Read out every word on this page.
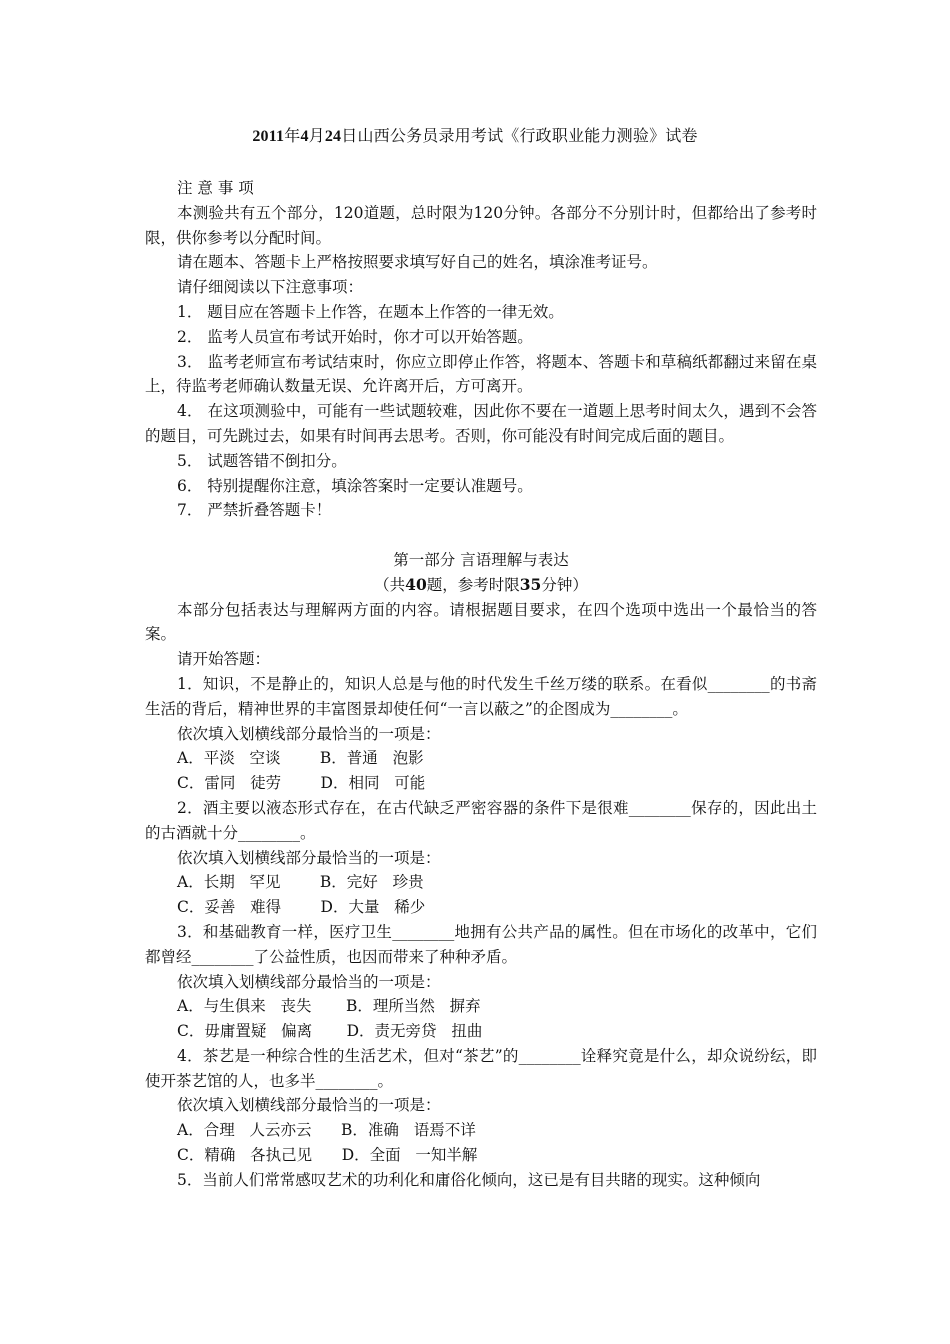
2011年4月24日山西公务员录用考试《行政职业能力测验》试卷

注 意 事 项

本测验共有五个部分，120道题，总时限为120分钟。各部分不分别计时，但都给出了参考时限，供你参考以分配时间。

请在题本、答题卡上严格按照要求填写好自己的姓名，填涂准考证号。

请仔细阅读以下注意事项：

1． 题目应在答题卡上作答，在题本上作答的一律无效。

2． 监考人员宣布考试开始时，你才可以开始答题。

3． 监考老师宣布考试结束时，你应立即停止作答，将题本、答题卡和草稿纸都翻过来留在桌上，待监考老师确认数量无误、允许离开后，方可离开。

4． 在这项测验中，可能有一些试题较难，因此你不要在一道题上思考时间太久，遇到不会答的题目，可先跳过去，如果有时间再去思考。否则，你可能没有时间完成后面的题目。

5． 试题答错不倒扣分。

6． 特别提醒你注意，填涂答案时一定要认准题号。

7． 严禁折叠答题卡！

第一部分 言语理解与表达

（共40题，参考时限35分钟）

本部分包括表达与理解两方面的内容。请根据题目要求，在四个选项中选出一个最恰当的答案。

请开始答题：

1．知识，不是静止的，知识人总是与他的时代发生千丝万缕的联系。在看似________的书斋生活的背后，精神世界的丰富图景却使任何“一言以蔽之”的企图成为________。

依次填入划横线部分最恰当的一项是：

A．平淡   空谈        B．普通   泡影

C．雷同   徒劳        D．相同   可能

2．酒主要以液态形式存在，在古代缺乏严密容器的条件下是很难________保存的，因此出土的古酒就十分________。

依次填入划横线部分最恰当的一项是：

A．长期   罕见        B．完好   珍贵

C．妥善   难得        D．大量   稀少

3．和基础教育一样，医疗卫生________地拥有公共产品的属性。但在市场化的改革中，它们都曾经________了公益性质，也因而带来了种种矛盾。

依次填入划横线部分最恰当的一项是：

A．与生俱来   丧失       B．理所当然   摒弃

C．毋庸置疑   偏离       D．责无旁贷   扭曲

4．茶艺是一种综合性的生活艺术，但对“茶艺”的________诠释究竟是什么，却众说纷纭，即使开茶艺馆的人，也多半________。

依次填入划横线部分最恰当的一项是：

A．合理   人云亦云      B．准确   语焉不详

C．精确   各执己见      D．全面   一知半解

5．当前人们常常感叹艺术的功利化和庸俗化倾向，这已是有目共睹的现实。这种倾向
